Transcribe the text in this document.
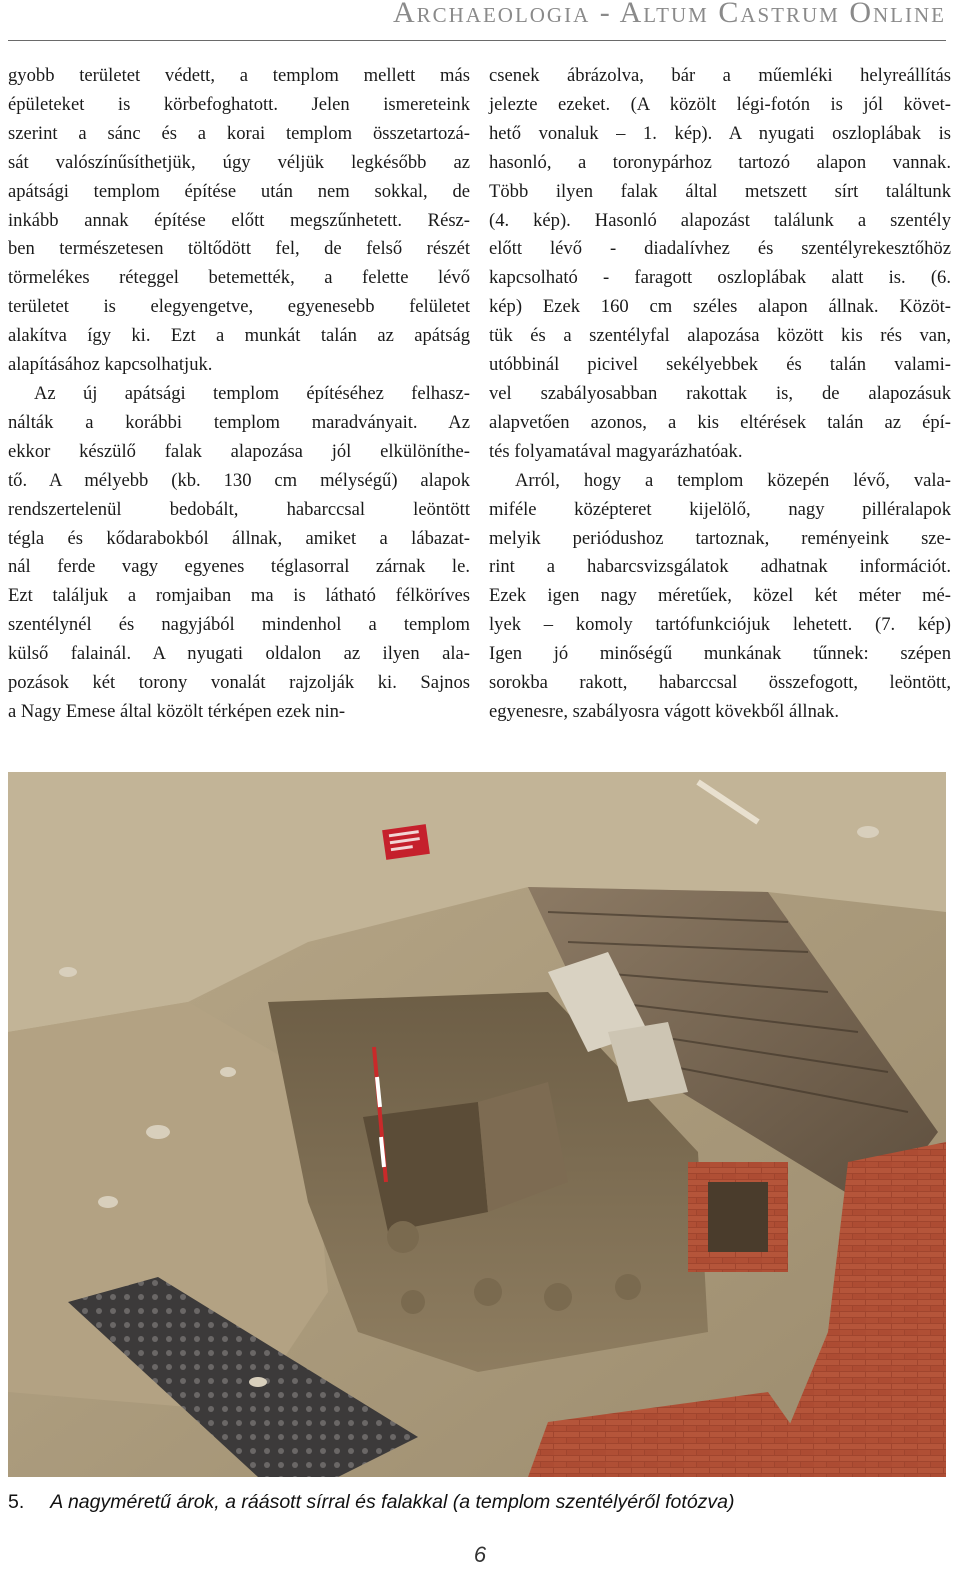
Archaeologia - Altum Castrum Online
gyobb területet védett, a templom mellett más
épületeket is körbefoghatott. Jelen ismereteink
szerint a sánc és a korai templom összetartozá-
sát valószínűsíthetjük, úgy véljük legkésőbb az
apátsági templom építése után nem sokkal, de
inkább annak építése előtt megszűnhetett. Rész-
ben természetesen töltődött fel, de felső részét
törmelékes réteggel betemették, a felette lévő
területet is elegyengetve, egyenesebb felületet
alakítva így ki. Ezt a munkát talán az apátság
alapításához kapcsolhatjuk.
Az új apátsági templom építéséhez felhasz-
nálták a korábbi templom maradványait. Az
ekkor készülő falak alapozása jól elkülöníthe-
tő. A mélyebb (kb. 130 cm mélységű) alapok
rendszertelenül bedobált, habarccsal leöntött
tégla és kődarabokból állnak, amiket a lábazat-
nál ferde vagy egyenes téglasorral zárnak le.
Ezt találjuk a romjaiban ma is látható félköríves
szentélynél és nagyjából mindenhol a templom
külső falainál. A nyugati oldalon az ilyen ala-
pozások két torony vonalát rajzolják ki. Sajnos
a Nagy Emese által közölt térképen ezek nin-
csenek ábrázolva, bár a műemléki helyreállítás
jelezte ezeket. (A közölt légi-fotón is jól követ-
hető vonaluk – 1. kép). A nyugati oszloplábak is
hasonló, a toronypárhoz tartozó alapon vannak.
Több ilyen falak által metszett sírt találtunk
(4. kép). Hasonló alapozást találunk a szentély
előtt lévő - diadalívhez és szentélyrekesztőhöz
kapcsolható - faragott oszloplábak alatt is. (6.
kép) Ezek 160 cm széles alapon állnak. Közöt-
tük és a szentélyfal alapozása között kis rés van,
utóbbinál picivel sekélyebbek és talán valami-
vel szabályosabban rakottak is, de alapozásuk
alapvetően azonos, a kis eltérések talán az épí-
tés folyamatával magyarázhatóak.
Arról, hogy a templom közepén lévő, vala-
miféle középteret kijelölő, nagy pilléralapok
melyik periódushoz tartoznak, reményeink sze-
rint a habarcsvizsgálatok adhatnak információt.
Ezek igen nagy méretűek, közel két méter mé-
lyek – komoly tartófunkciójuk lehetett. (7. kép)
Igen jó minőségű munkának tűnnek: szépen
sorokba rakott, habarccsal összefogott, leöntött,
egyenesre, szabályosra vágott kövekből állnak.
5. A nagyméretű árok, a ráásott sírral és falakkal (a templom szentélyéről fotózva)
6
